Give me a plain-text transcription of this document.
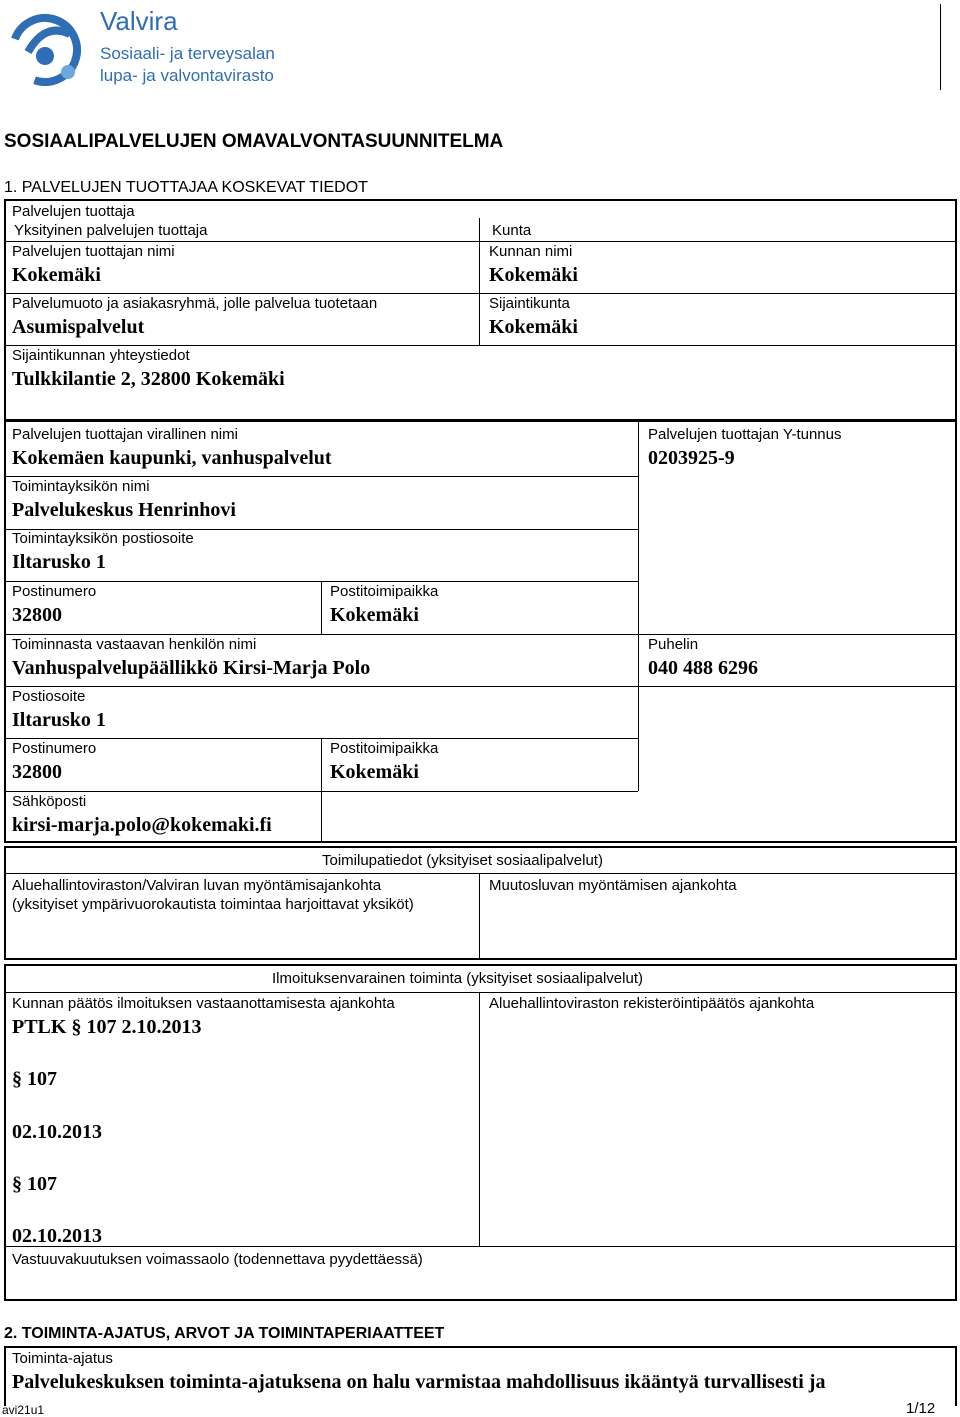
Valvira
Sosiaali- ja terveysalan
lupa- ja valvontavirasto
SOSIAALIPALVELUJEN OMAVALVONTASUUNNITELMA
1. PALVELUJEN TUOTTAJAA KOSKEVAT TIEDOT
Palvelujen tuottaja
Yksityinen palvelujen tuottaja
Palvelujen tuottajan nimi
Kokemäki
Palvelumuoto ja asiakasryhmä, jolle palvelua tuotetaan
Asumispalvelut
Sijaintikunnan yhteystiedot
Tulkkilantie 2, 32800 Kokemäki
Kunta
Kunnan nimi
Kokemäki
Sijaintikunta
Kokemäki
Palvelujen tuottajan virallinen nimi
Kokemäen kaupunki, vanhuspalvelut
Palvelujen tuottajan Y-tunnus
0203925-9
Toimintayksikön nimi
Palvelukeskus Henrinhovi
Toimintayksikön postiosoite
Iltarusko 1
Postinumero
32800
Postitoimipaikka
Kokemäki
Toiminnasta vastaavan henkilön nimi
Vanhuspalvelupäällikkö Kirsi-Marja Polo
Puhelin
040 488 6296
Postiosoite
Iltarusko 1
Postinumero
32800
Postitoimipaikka
Kokemäki
Sähköposti
kirsi-marja.polo@kokemaki.fi
Toimilupatiedot (yksityiset sosiaalipalvelut)
Aluehallintoviraston/Valviran luvan myöntämisajankohta
(yksityiset ympärivuorokautista toimintaa harjoittavat yksiköt)
Muutosluvan myöntämisen ajankohta
Ilmoituksenvarainen toiminta (yksityiset sosiaalipalvelut)
Kunnan päätös ilmoituksen vastaanottamisesta ajankohta	Aluehallintoviraston rekisteröintipäätös ajankohta
PTLK § 107 2.10.2013
§ 107
02.10.2013
§ 107
02.10.2013
Vastuuvakuutuksen voimassaolo (todennettava pyydettäessä)
2. TOIMINTA-AJATUS, ARVOT JA TOIMINTAPERIAATTEET
Toiminta-ajatus
Palvelukeskuksen toiminta-ajatuksena on halu varmistaa mahdollisuus ikääntyä turvallisesti ja
avi21u1	1/12
